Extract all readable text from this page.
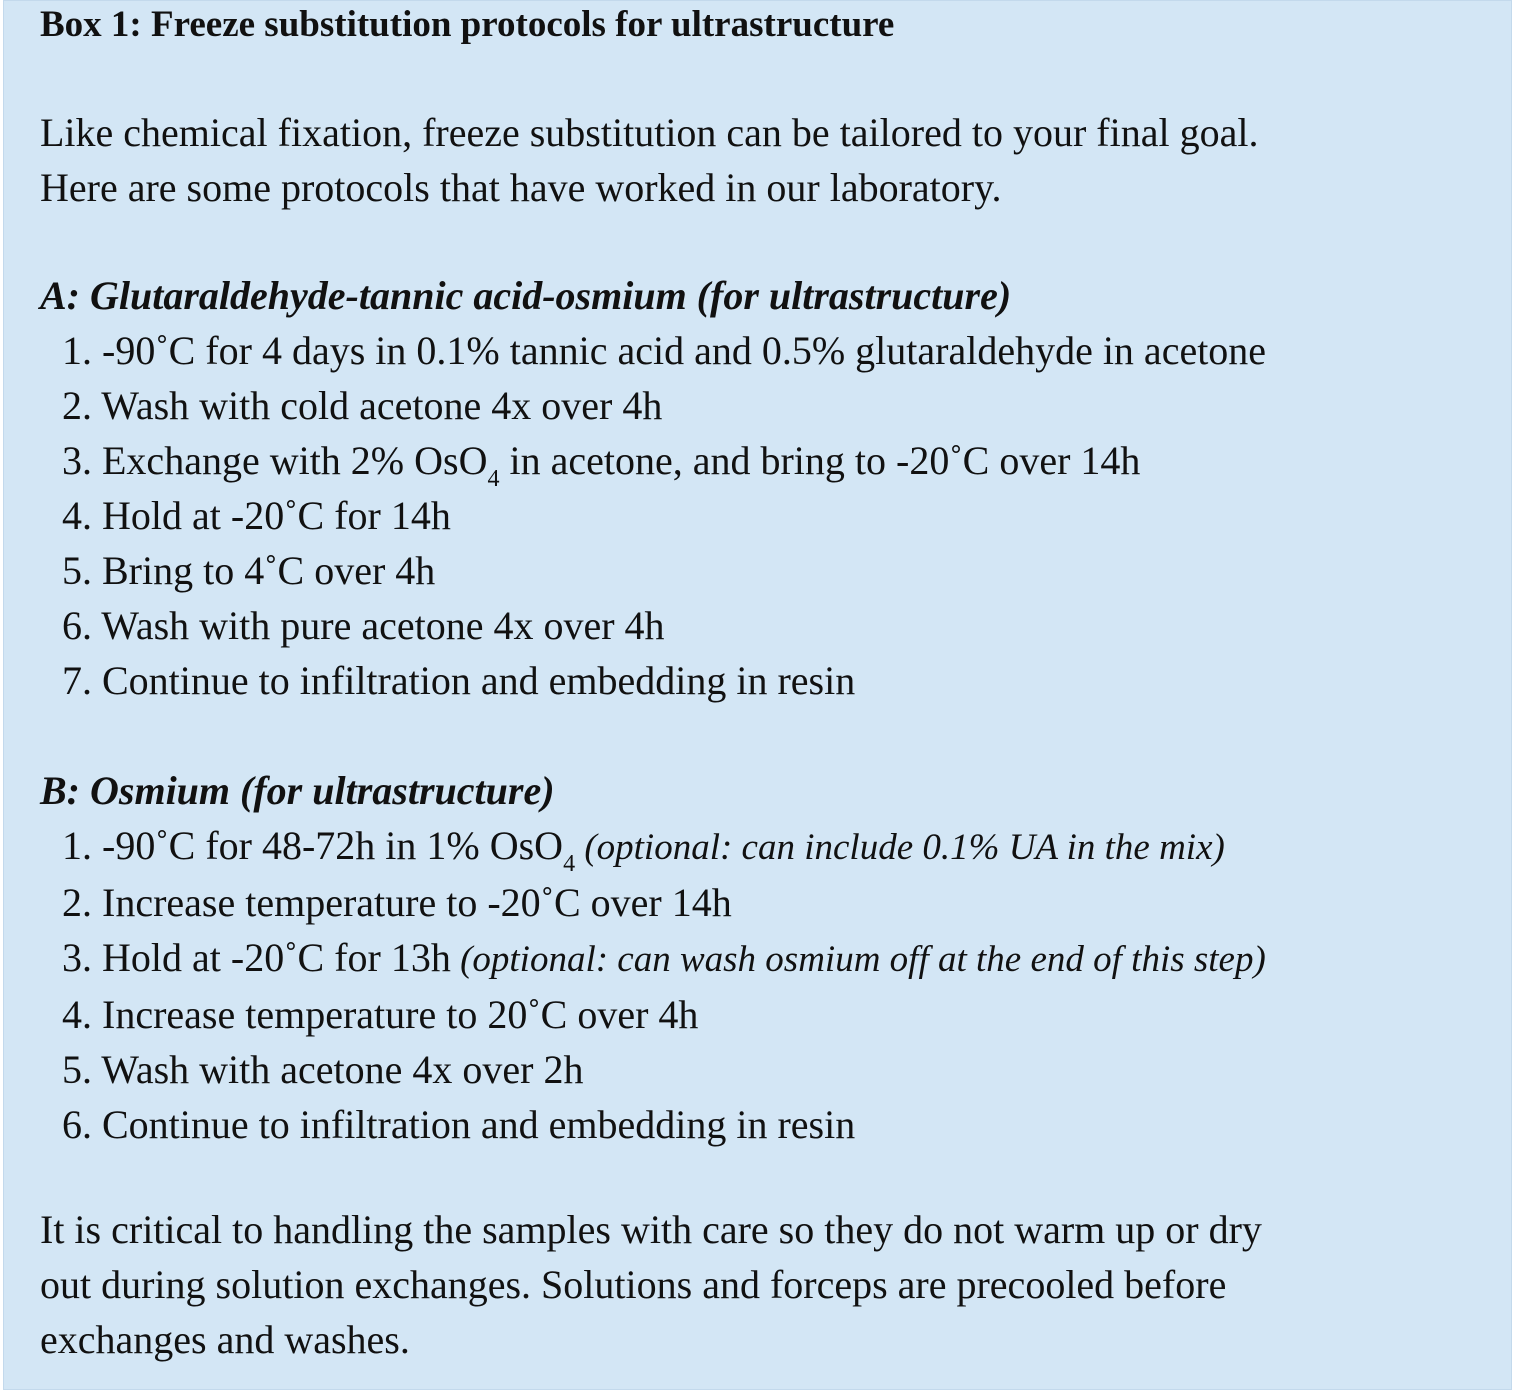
Box 1: Freeze substitution protocols for ultrastructure
Like chemical fixation, freeze substitution can be tailored to your final goal.
Here are some protocols that have worked in our laboratory.
A: Glutaraldehyde-tannic acid-osmium (for ultrastructure)
1. -90˚C for 4 days in 0.1% tannic acid and 0.5% glutaraldehyde in acetone
2. Wash with cold acetone 4x over 4h
3. Exchange with 2% OsO$_4$ in acetone, and bring to -20˚C over 14h
4. Hold at -20˚C for 14h
5. Bring to 4˚C over 4h
6. Wash with pure acetone 4x over 4h
7. Continue to infiltration and embedding in resin
B: Osmium (for ultrastructure)
1. -90˚C for 48-72h in 1% OsO$_4$ (optional: can include 0.1% UA in the mix)
2. Increase temperature to -20˚C over 14h
3. Hold at -20˚C for 13h (optional: can wash osmium off at the end of this step)
4. Increase temperature to 20˚C over 4h
5. Wash with acetone 4x over 2h
6. Continue to infiltration and embedding in resin
It is critical to handling the samples with care so they do not warm up or dry
out during solution exchanges. Solutions and forceps are precooled before
exchanges and washes.
